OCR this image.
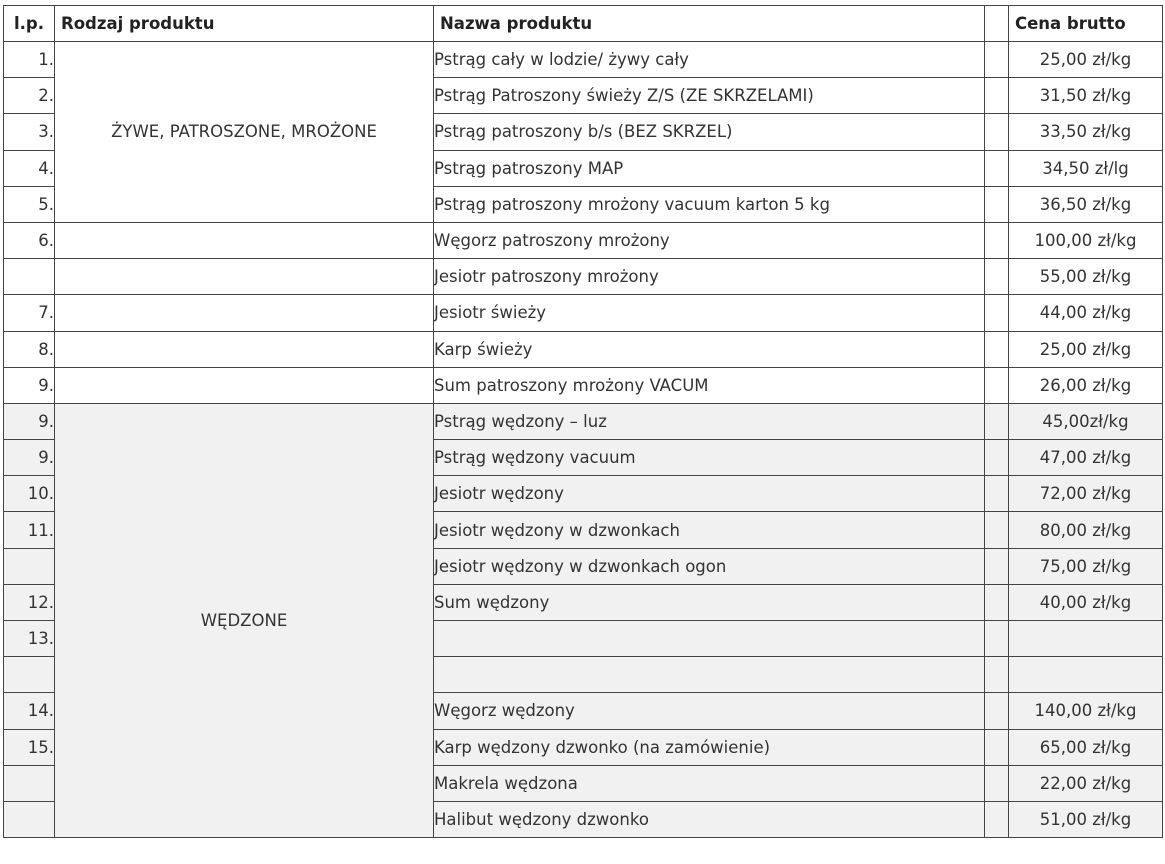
l.p.	Rodzaj produktu	Nazwa produktu		Cena brutto
1.	ŻYWE, PATROSZONE, MROŻONE	Pstrąg cały w lodzie/ żywy cały		25,00 zł/kg
2.		Pstrąg Patroszony świeży Z/S (ZE SKRZELAMI)		31,50 zł/kg
3.		Pstrąg patroszony b/s (BEZ SKRZEL)		33,50 zł/kg
4.		Pstrąg patroszony MAP		34,50 zł/lg
5.		Pstrąg patroszony mrożony vacuum karton 5 kg		36,50 zł/kg
6.		Węgorz patroszony mrożony		100,00 zł/kg
		Jesiotr patroszony mrożony		55,00 zł/kg
7.		Jesiotr świeży		44,00 zł/kg
8.		Karp świeży		25,00 zł/kg
9.		Sum patroszony mrożony VACUM		26,00 zł/kg
9.	WĘDZONE	Pstrąg wędzony – luz		45,00zł/kg
9.		Pstrąg wędzony vacuum		47,00 zł/kg
10.		Jesiotr wędzony		72,00 zł/kg
11.		Jesiotr wędzony w dzwonkach		80,00 zł/kg
		Jesiotr wędzony w dzwonkach ogon		75,00 zł/kg
12.		Sum wędzony		40,00 zł/kg
13.				

14.		Węgorz wędzony		140,00 zł/kg
15.		Karp wędzony dzwonko (na zamówienie)		65,00 zł/kg
		Makrela wędzona		22,00 zł/kg
		Halibut wędzony dzwonko		51,00 zł/kg
